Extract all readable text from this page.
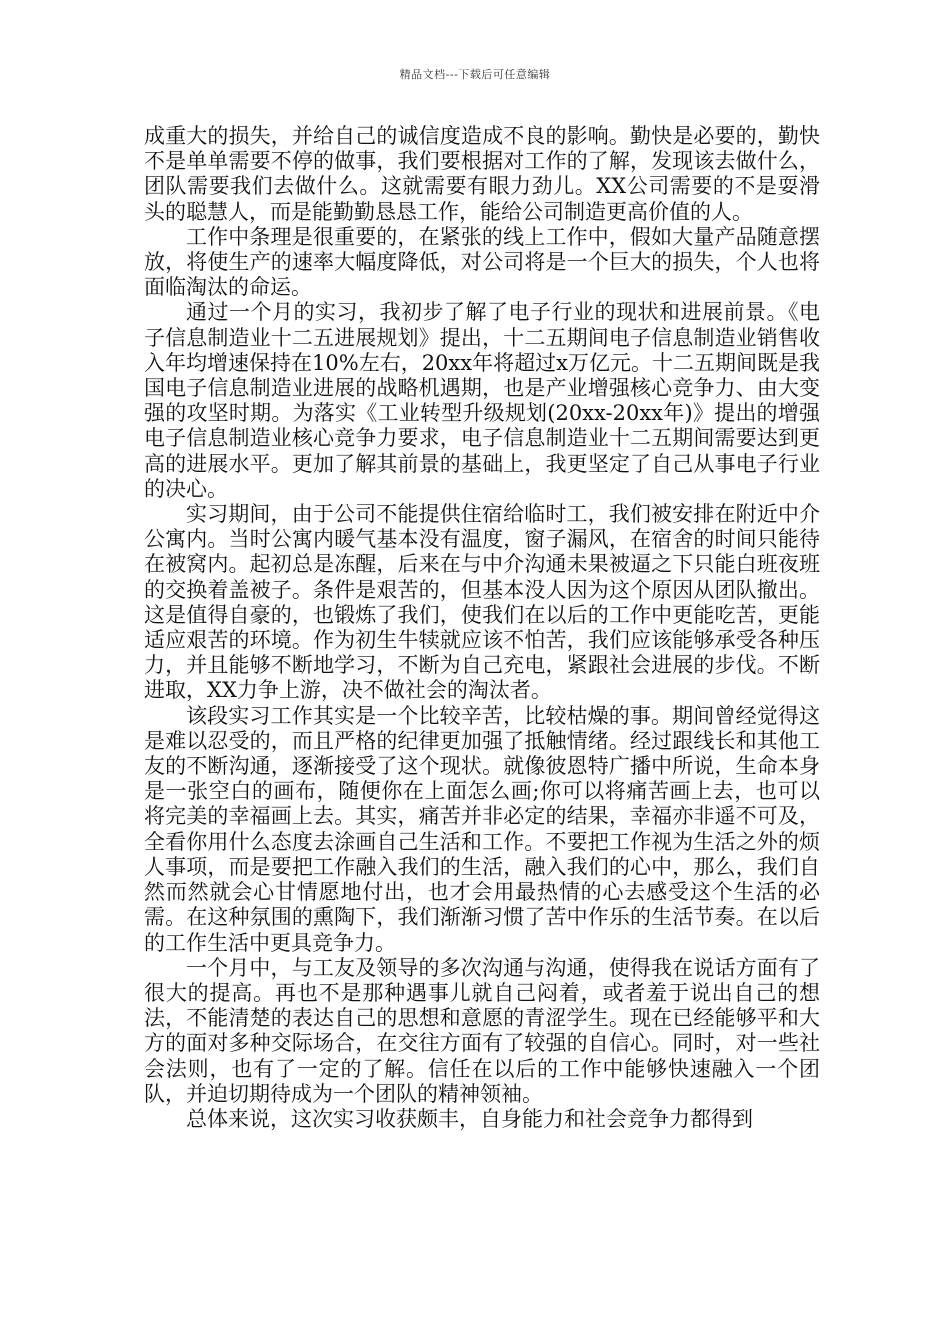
精品文档---下载后可任意编辑

成重大的损失，并给自己的诚信度造成不良的影响。勤快是必要的，勤快不是单单需要不停的做事，我们要根据对工作的了解，发现该去做什么，团队需要我们去做什么。这就需要有眼力劲儿。XX公司需要的不是耍滑头的聪慧人，而是能勤勤恳恳工作，能给公司制造更高价值的人。

工作中条理是很重要的，在紧张的线上工作中，假如大量产品随意摆放，将使生产的速率大幅度降低，对公司将是一个巨大的损失，个人也将面临淘汰的命运。

通过一个月的实习，我初步了解了电子行业的现状和进展前景。《电子信息制造业十二五进展规划》提出，十二五期间电子信息制造业销售收入年均增速保持在10%左右，20xx年将超过x万亿元。十二五期间既是我国电子信息制造业进展的战略机遇期，也是产业增强核心竞争力、由大变强的攻坚时期。为落实《工业转型升级规划(20xx-20xx年)》提出的增强电子信息制造业核心竞争力要求，电子信息制造业十二五期间需要达到更高的进展水平。更加了解其前景的基础上，我更坚定了自己从事电子行业的决心。

实习期间，由于公司不能提供住宿给临时工，我们被安排在附近中介公寓内。当时公寓内暖气基本没有温度，窗子漏风，在宿舍的时间只能待在被窝内。起初总是冻醒，后来在与中介沟通未果被逼之下只能白班夜班的交换着盖被子。条件是艰苦的，但基本没人因为这个原因从团队撤出。这是值得自豪的，也锻炼了我们，使我们在以后的工作中更能吃苦，更能适应艰苦的环境。作为初生牛犊就应该不怕苦，我们应该能够承受各种压力，并且能够不断地学习，不断为自己充电，紧跟社会进展的步伐。不断进取，XX力争上游，决不做社会的淘汰者。

该段实习工作其实是一个比较辛苦，比较枯燥的事。期间曾经觉得这是难以忍受的，而且严格的纪律更加强了抵触情绪。经过跟线长和其他工友的不断沟通，逐渐接受了这个现状。就像彼恩特广播中所说，生命本身是一张空白的画布，随便你在上面怎么画;你可以将痛苦画上去，也可以将完美的幸福画上去。其实，痛苦并非必定的结果，幸福亦非遥不可及，全看你用什么态度去涂画自己生活和工作。不要把工作视为生活之外的烦人事项，而是要把工作融入我们的生活，融入我们的心中，那么，我们自然而然就会心甘情愿地付出，也才会用最热情的心去感受这个生活的必需。在这种氛围的熏陶下，我们渐渐习惯了苦中作乐的生活节奏。在以后的工作生活中更具竞争力。

一个月中，与工友及领导的多次沟通与沟通，使得我在说话方面有了很大的提高。再也不是那种遇事儿就自己闷着，或者羞于说出自己的想法，不能清楚的表达自己的思想和意愿的青涩学生。现在已经能够平和大方的面对多种交际场合，在交往方面有了较强的自信心。同时，对一些社会法则，也有了一定的了解。信任在以后的工作中能够快速融入一个团队，并迫切期待成为一个团队的精神领袖。

总体来说，这次实习收获颇丰，自身能力和社会竞争力都得到
